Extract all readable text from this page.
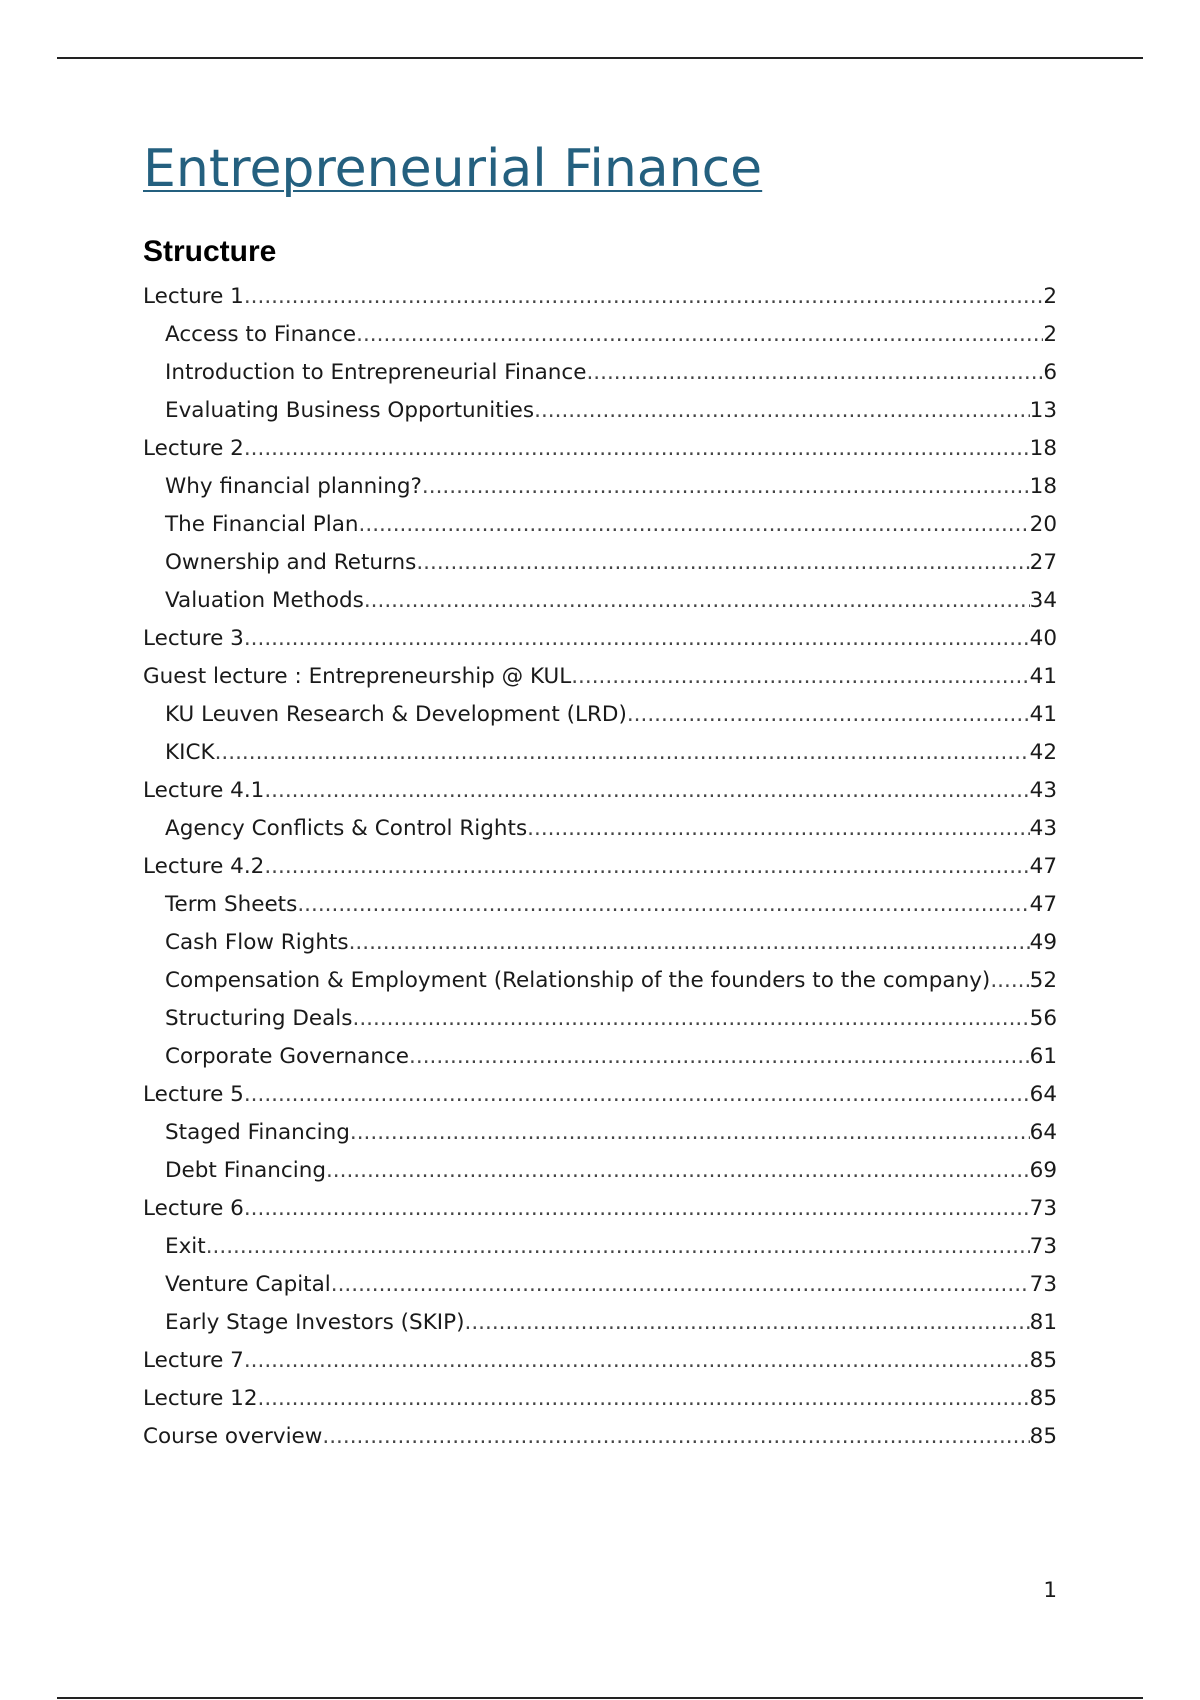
Entrepreneurial Finance
Structure
Lecture 1 .....	2
Access to Finance .....	2
Introduction to Entrepreneurial Finance .....	6
Evaluating Business Opportunities .....	13
Lecture 2 .....	18
Why financial planning? .....	18
The Financial Plan .....	20
Ownership and Returns .....	27
Valuation Methods .....	34
Lecture 3 .....	40
Guest lecture : Entrepreneurship @ KUL .....	41
KU Leuven Research & Development (LRD) .....	41
KICK .....	42
Lecture 4.1 .....	43
Agency Conflicts & Control Rights .....	43
Lecture 4.2 .....	47
Term Sheets .....	47
Cash Flow Rights .....	49
Compensation & Employment (Relationship of the founders to the company) ..... 52
Structuring Deals .....	56
Corporate Governance .....	61
Lecture 5 .....	64
Staged Financing .....	64
Debt Financing .....	69
Lecture 6 .....	73
Exit .....	73
Venture Capital .....	73
Early Stage Investors (SKIP) .....	81
Lecture 7 .....	85
Lecture 12 .....	85
Course overview .....	85
1
